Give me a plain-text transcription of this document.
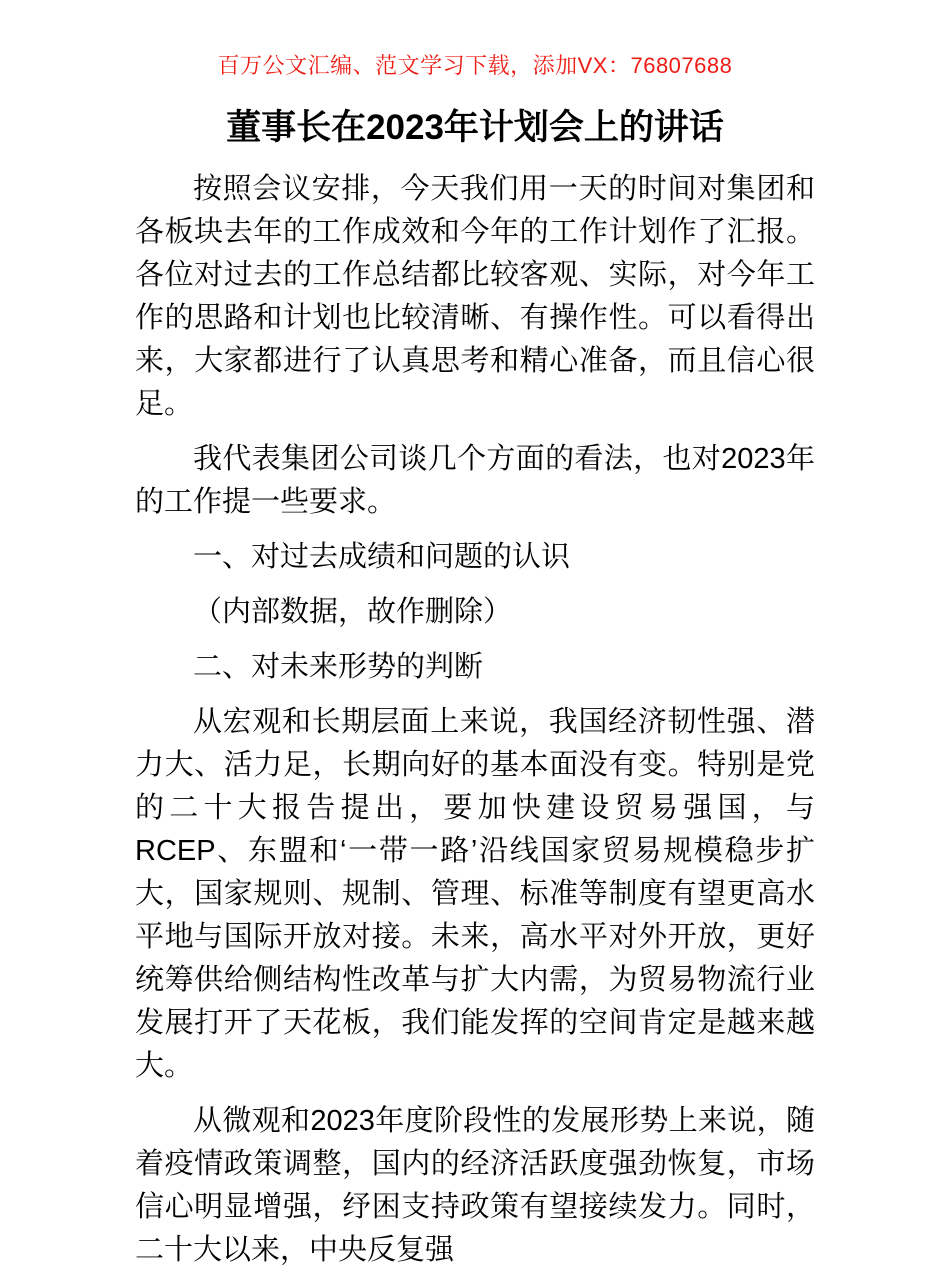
百万公文汇编、范文学习下载，添加VX：76807688
董事长在2023年计划会上的讲话

按照会议安排，今天我们用一天的时间对集团和各板块去年的工作成效和今年的工作计划作了汇报。各位对过去的工作总结都比较客观、实际，对今年工作的思路和计划也比较清晰、有操作性。可以看得出来，大家都进行了认真思考和精心准备，而且信心很足。

我代表集团公司谈几个方面的看法，也对2023年的工作提一些要求。

一、对过去成绩和问题的认识

（内部数据，故作删除）

二、对未来形势的判断

从宏观和长期层面上来说，我国经济韧性强、潜力大、活力足，长期向好的基本面没有变。特别是党的二十大报告提出，要加快建设贸易强国，与RCEP、东盟和‘一带一路’沿线国家贸易规模稳步扩大，国家规则、规制、管理、标准等制度有望更高水平地与国际开放对接。未来，高水平对外开放，更好统筹供给侧结构性改革与扩大内需，为贸易物流行业发展打开了天花板，我们能发挥的空间肯定是越来越大。

从微观和2023年度阶段性的发展形势上来说，随着疫情政策调整，国内的经济活跃度强劲恢复，市场信心明显增强，纾困支持政策有望接续发力。同时，二十大以来，中央反复强
